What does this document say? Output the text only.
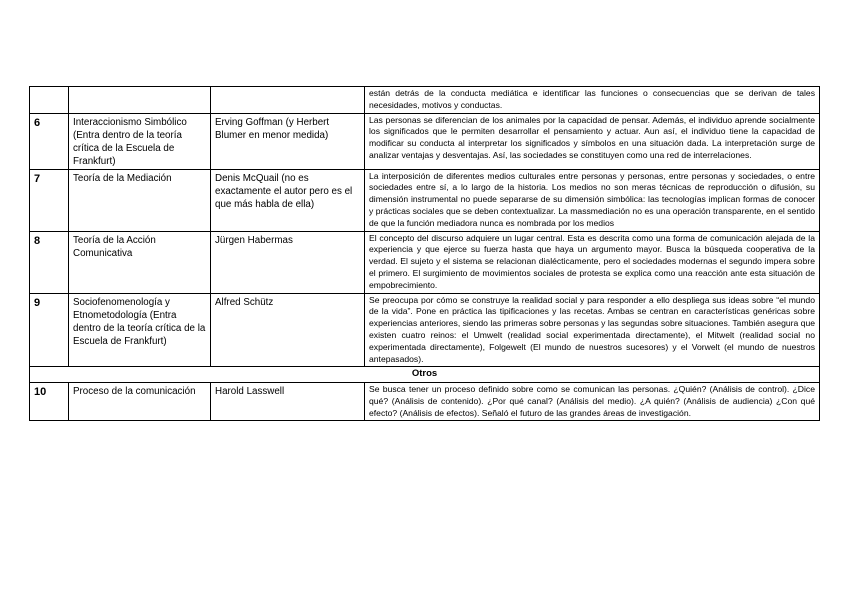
			están detrás de la conducta mediática e identificar las funciones o consecuencias que se derivan de tales necesidades, motivos y conductas.
6	Interaccionismo Simbólico (Entra dentro de la teoría crítica de la Escuela de Frankfurt)	Erving Goffman (y Herbert Blumer en menor medida)	Las personas se diferencian de los animales por la capacidad de pensar. Además, el individuo aprende socialmente los significados que le permiten desarrollar el pensamiento y actuar. Aun así, el individuo tiene la capacidad de modificar su conducta al interpretar los significados y símbolos en una situación dada. La interpretación surge de analizar ventajas y desventajas. Así, las sociedades se constituyen como una red de interrelaciones.
7	Teoría de la Mediación	Denis McQuail (no es exactamente el autor pero es el que más habla de ella)	La interposición de diferentes medios culturales entre personas y personas, entre personas y sociedades, o entre sociedades entre sí, a lo largo de la historia. Los medios no son meras técnicas de reproducción o difusión, su dimensión instrumental no puede separarse de su dimensión simbólica: las tecnologías implican formas de conocer y prácticas sociales que se deben contextualizar. La massmediación no es una operación transparente, en el sentido de que la función mediadora nunca es nombrada por los medios
8	Teoría de la Acción Comunicativa	Jürgen Habermas	El concepto del discurso adquiere un lugar central. Esta es descrita como una forma de comunicación alejada de la experiencia y que ejerce su fuerza hasta que haya un argumento mayor. Busca la búsqueda cooperativa de la verdad. El sujeto y el sistema se relacionan dialécticamente, pero el sociedades modernas el segundo impera sobre el primero. El surgimiento de movimientos sociales de protesta se explica como una reacción ante esta situación de empobrecimiento.
9	Sociofenomenología y Etnometodología (Entra dentro de la teoría crítica de la Escuela de Frankfurt)	Alfred Schütz	Se preocupa por cómo se construye la realidad social y para responder a ello despliega sus ideas sobre “el mundo de la vida”. Pone en práctica las tipificaciones y las recetas. Ambas se centran en características genéricas sobre experiencias anteriores, siendo las primeras sobre personas y las segundas sobre situaciones. También asegura que existen cuatro reinos: el Umwelt (realidad social experimentada directamente), el Mitwelt (realidad social no experimentada directamente), Folgewelt (El mundo de nuestros sucesores) y el Vorwelt (el mundo de nuestros antepasados).
Otros			
10	Proceso de la comunicación	Harold Lasswell	Se busca tener un proceso definido sobre como se comunican las personas. ¿Quién? (Análisis de control). ¿Dice qué? (Análisis de contenido). ¿Por qué canal? (Análisis del medio). ¿A quién? (Análisis de audiencia) ¿Con qué efecto? (Análisis de efectos). Señaló el futuro de las grandes áreas de investigación.
